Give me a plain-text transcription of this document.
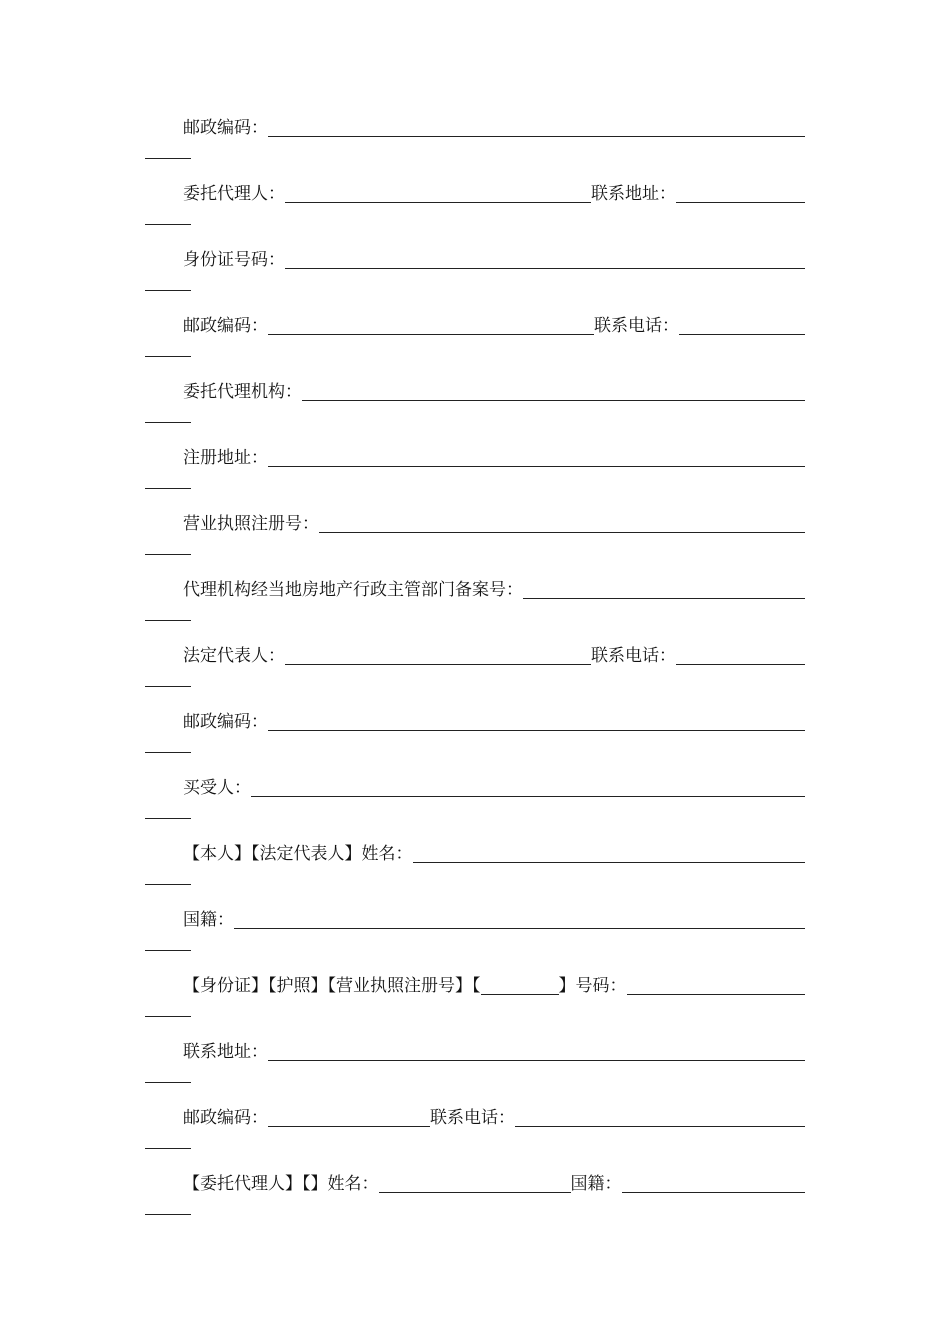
邮政编码：
委托代理人：	联系地址：
身份证号码：
邮政编码：	联系电话：
委托代理机构：
注册地址：
营业执照注册号：
代理机构经当地房地产行政主管部门备案号：
法定代表人：	联系电话：
邮政编码：
买受人：
【本人】【法定代表人】姓名：
国籍：
【身份证】【护照】【营业执照注册号】【	】号码：
联系地址：
邮政编码：	联系电话：
【委托代理人】【】姓名：	国籍：
